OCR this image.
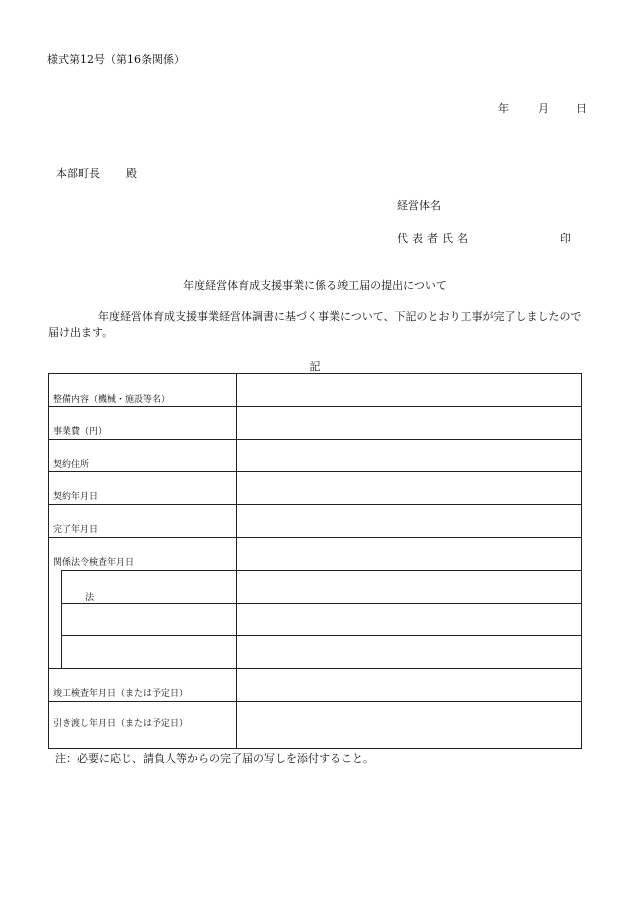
様式第12号（第16条関係）
年	月 日
本部町長 殿
経営体名
代表者氏名	印
年度経営体育成支援事業に係る竣工届の提出について
年度経営体育成支援事業経営体調書に基づく事業について、下記のとおり工事が完了しましたので届け出ます。
記
整備内容（機械・施設等名）
事業費（円）
契約住所
契約年月日
完了年月日
関係法令検査年月日
法
竣工検査年月日（または予定日）
引き渡し年月日（または予定日）
注：必要に応じ、請負人等からの完了届の写しを添付すること。
